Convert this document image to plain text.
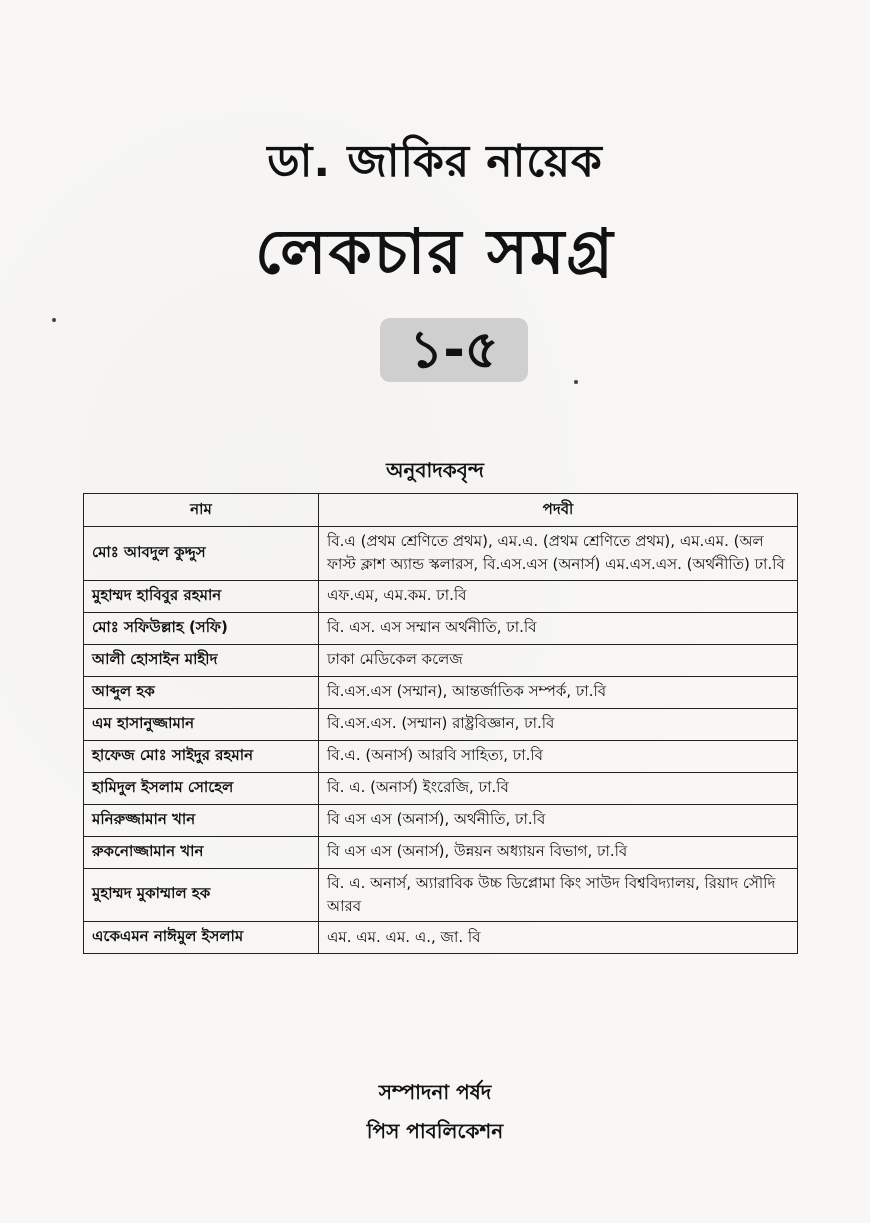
ডা. জাকির নায়েক
লেকচার সমগ্র
১-৫
অনুবাদকবৃন্দ
নাম	পদবী
মোঃ আবদুল কুদ্দুস	বি.এ (প্রথম শ্রেণিতে প্রথম), এম.এ. (প্রথম শ্রেণিতে প্রথম), এম.এম. (অল ফাস্ট ক্লাশ অ্যান্ড স্কলারস, বি.এস.এস (অনার্স) এম.এস.এস. (অর্থনীতি) ঢা.বি
মুহাম্মদ হাবিবুর রহমান	এফ.এম, এম.কম. ঢা.বি
মোঃ সফিউল্লাহ (সফি)	বি. এস. এস সম্মান অর্থনীতি, ঢা.বি
আলী হোসাইন মাহীদ	ঢাকা মেডিকেল কলেজ
আব্দুল হক	বি.এস.এস (সম্মান), আন্তর্জাতিক সম্পর্ক, ঢা.বি
এম হাসানুজ্জামান	বি.এস.এস. (সম্মান) রাষ্ট্রবিজ্ঞান, ঢা.বি
হাফেজ মোঃ সাইদুর রহমান	বি.এ. (অনার্স) আরবি সাহিত্য, ঢা.বি
হামিদুল ইসলাম সোহেল	বি. এ. (অনার্স) ইংরেজি, ঢা.বি
মনিরুজ্জামান খান	বি এস এস (অনার্স), অর্থনীতি, ঢা.বি
রুকনোজ্জামান খান	বি এস এস (অনার্স), উন্নয়ন অধ্যায়ন বিভাগ, ঢা.বি
মুহাম্মদ মুকাম্মাল হক	বি. এ. অনার্স, অ্যারাবিক উচ্চ ডিপ্লোমা কিং সাউদ বিশ্ববিদ্যালয়, রিয়াদ সৌদি আরব
একেএমন নাঈমুল ইসলাম	এম. এম. এম. এ., জা. বি
সম্পাদনা পর্ষদ
পিস পাবলিকেশন
